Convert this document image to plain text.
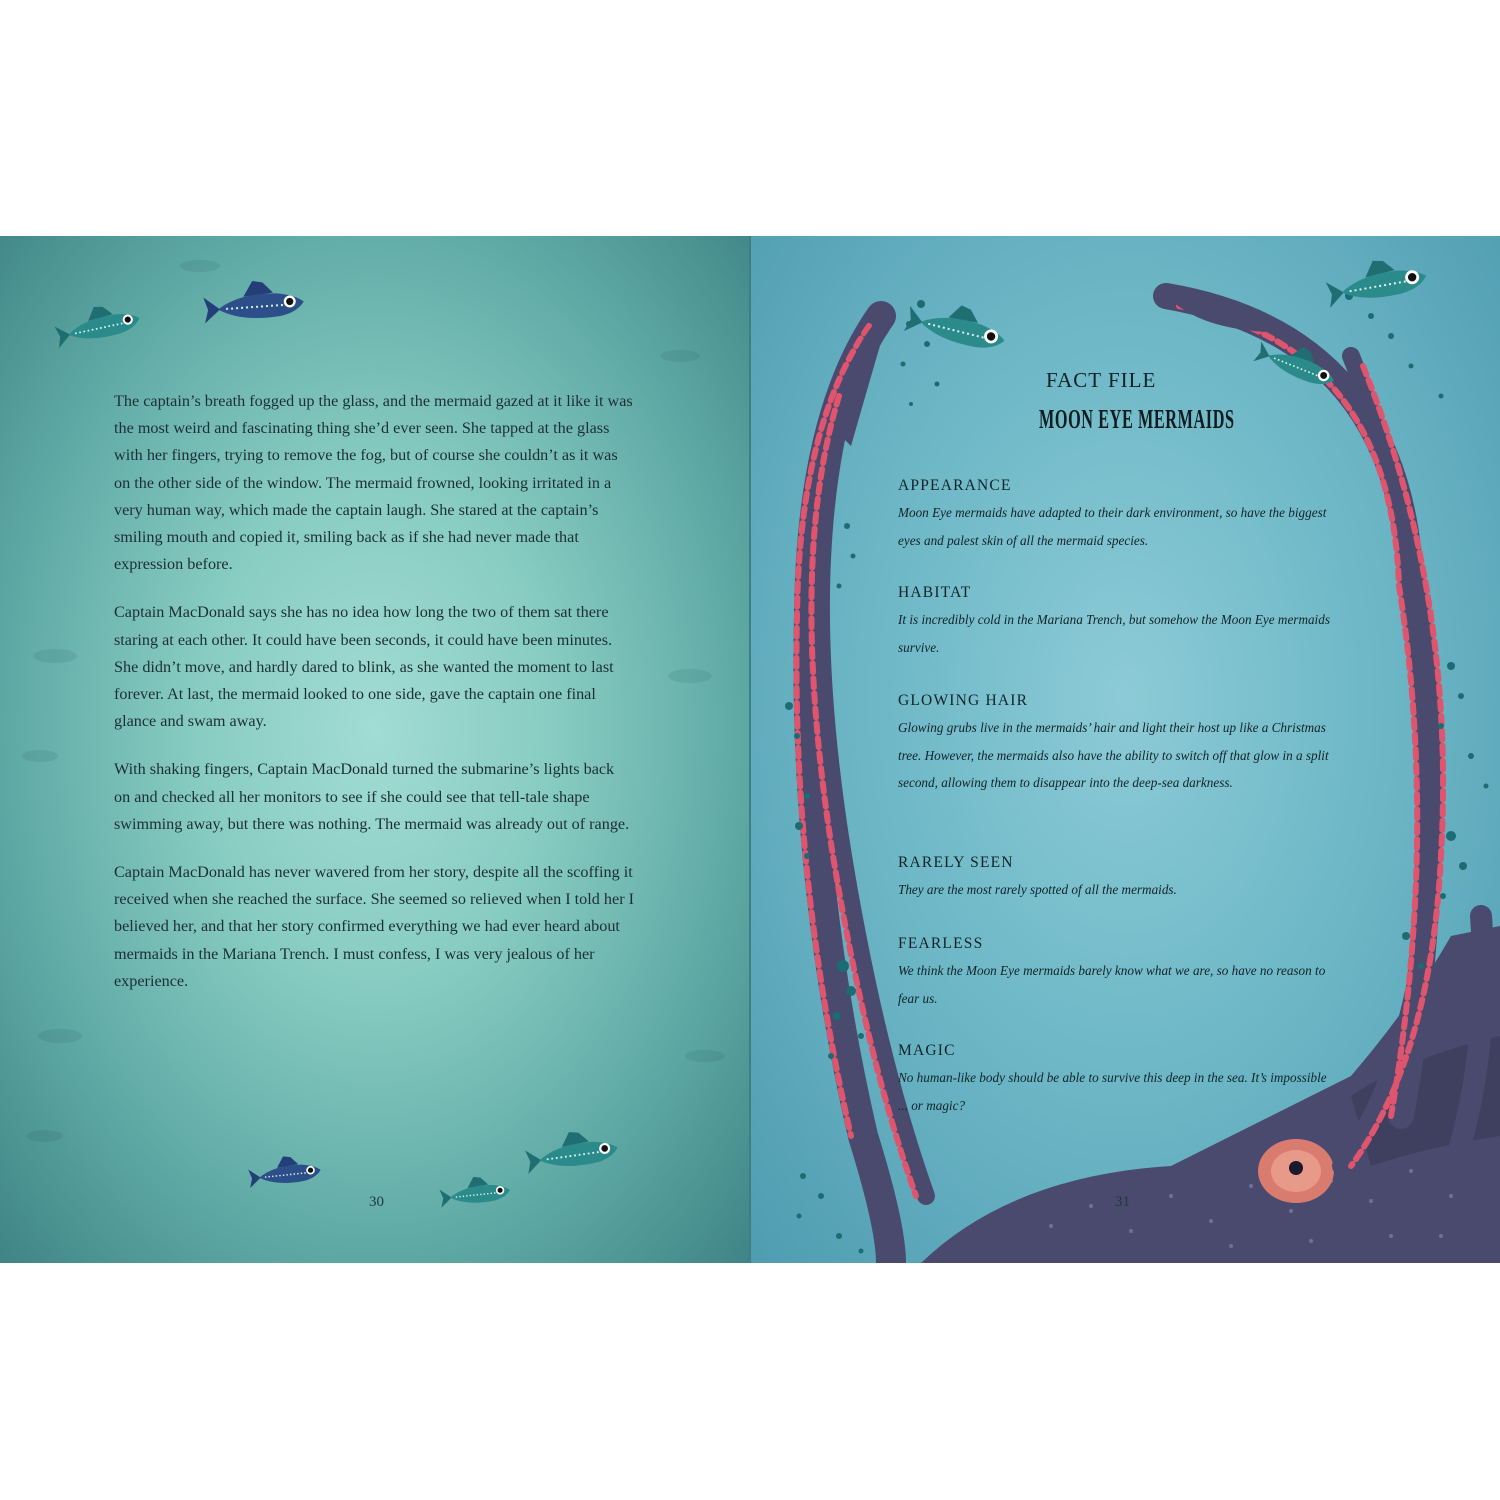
The captain’s breath fogged up the glass, and the mermaid gazed at it like it was the most weird and fascinating thing she’d ever seen. She tapped at the glass with her fingers, trying to remove the fog, but of course she couldn’t as it was on the other side of the window. The mermaid frowned, looking irritated in a very human way, which made the captain laugh. She stared at the captain’s smiling mouth and copied it, smiling back as if she had never made that expression before.

Captain MacDonald says she has no idea how long the two of them sat there staring at each other. It could have been seconds, it could have been minutes. She didn’t move, and hardly dared to blink, as she wanted the moment to last forever. At last, the mermaid looked to one side, gave the captain one final glance and swam away.

With shaking fingers, Captain MacDonald turned the submarine’s lights back on and checked all her monitors to see if she could see that tell-tale shape swimming away, but there was nothing. The mermaid was already out of range.

Captain MacDonald has never wavered from her story, despite all the scoffing it received when she reached the surface. She seemed so relieved when I told her I believed her, and that her story confirmed everything we had ever heard about mermaids in the Mariana Trench. I must confess, I was very jealous of her experience.

30
FACT FILE
MOON EYE MERMAIDS
APPEARANCE

Moon Eye mermaids have adapted to their dark environment, so have the biggest eyes and palest skin of all the mermaid species.

HABITAT

It is incredibly cold in the Mariana Trench, but somehow the Moon Eye mermaids survive.

GLOWING HAIR

Glowing grubs live in the mermaids’ hair and light their host up like a Christmas tree. However, the mermaids also have the ability to switch off that glow in a split second, allowing them to disappear into the deep-sea darkness.

RARELY SEEN

They are the most rarely spotted of all the mermaids.

FEARLESS

We think the Moon Eye mermaids barely know what we are, so have no reason to fear us.

MAGIC

No human-like body should be able to survive this deep in the sea. It’s impossible ... or magic?

31
